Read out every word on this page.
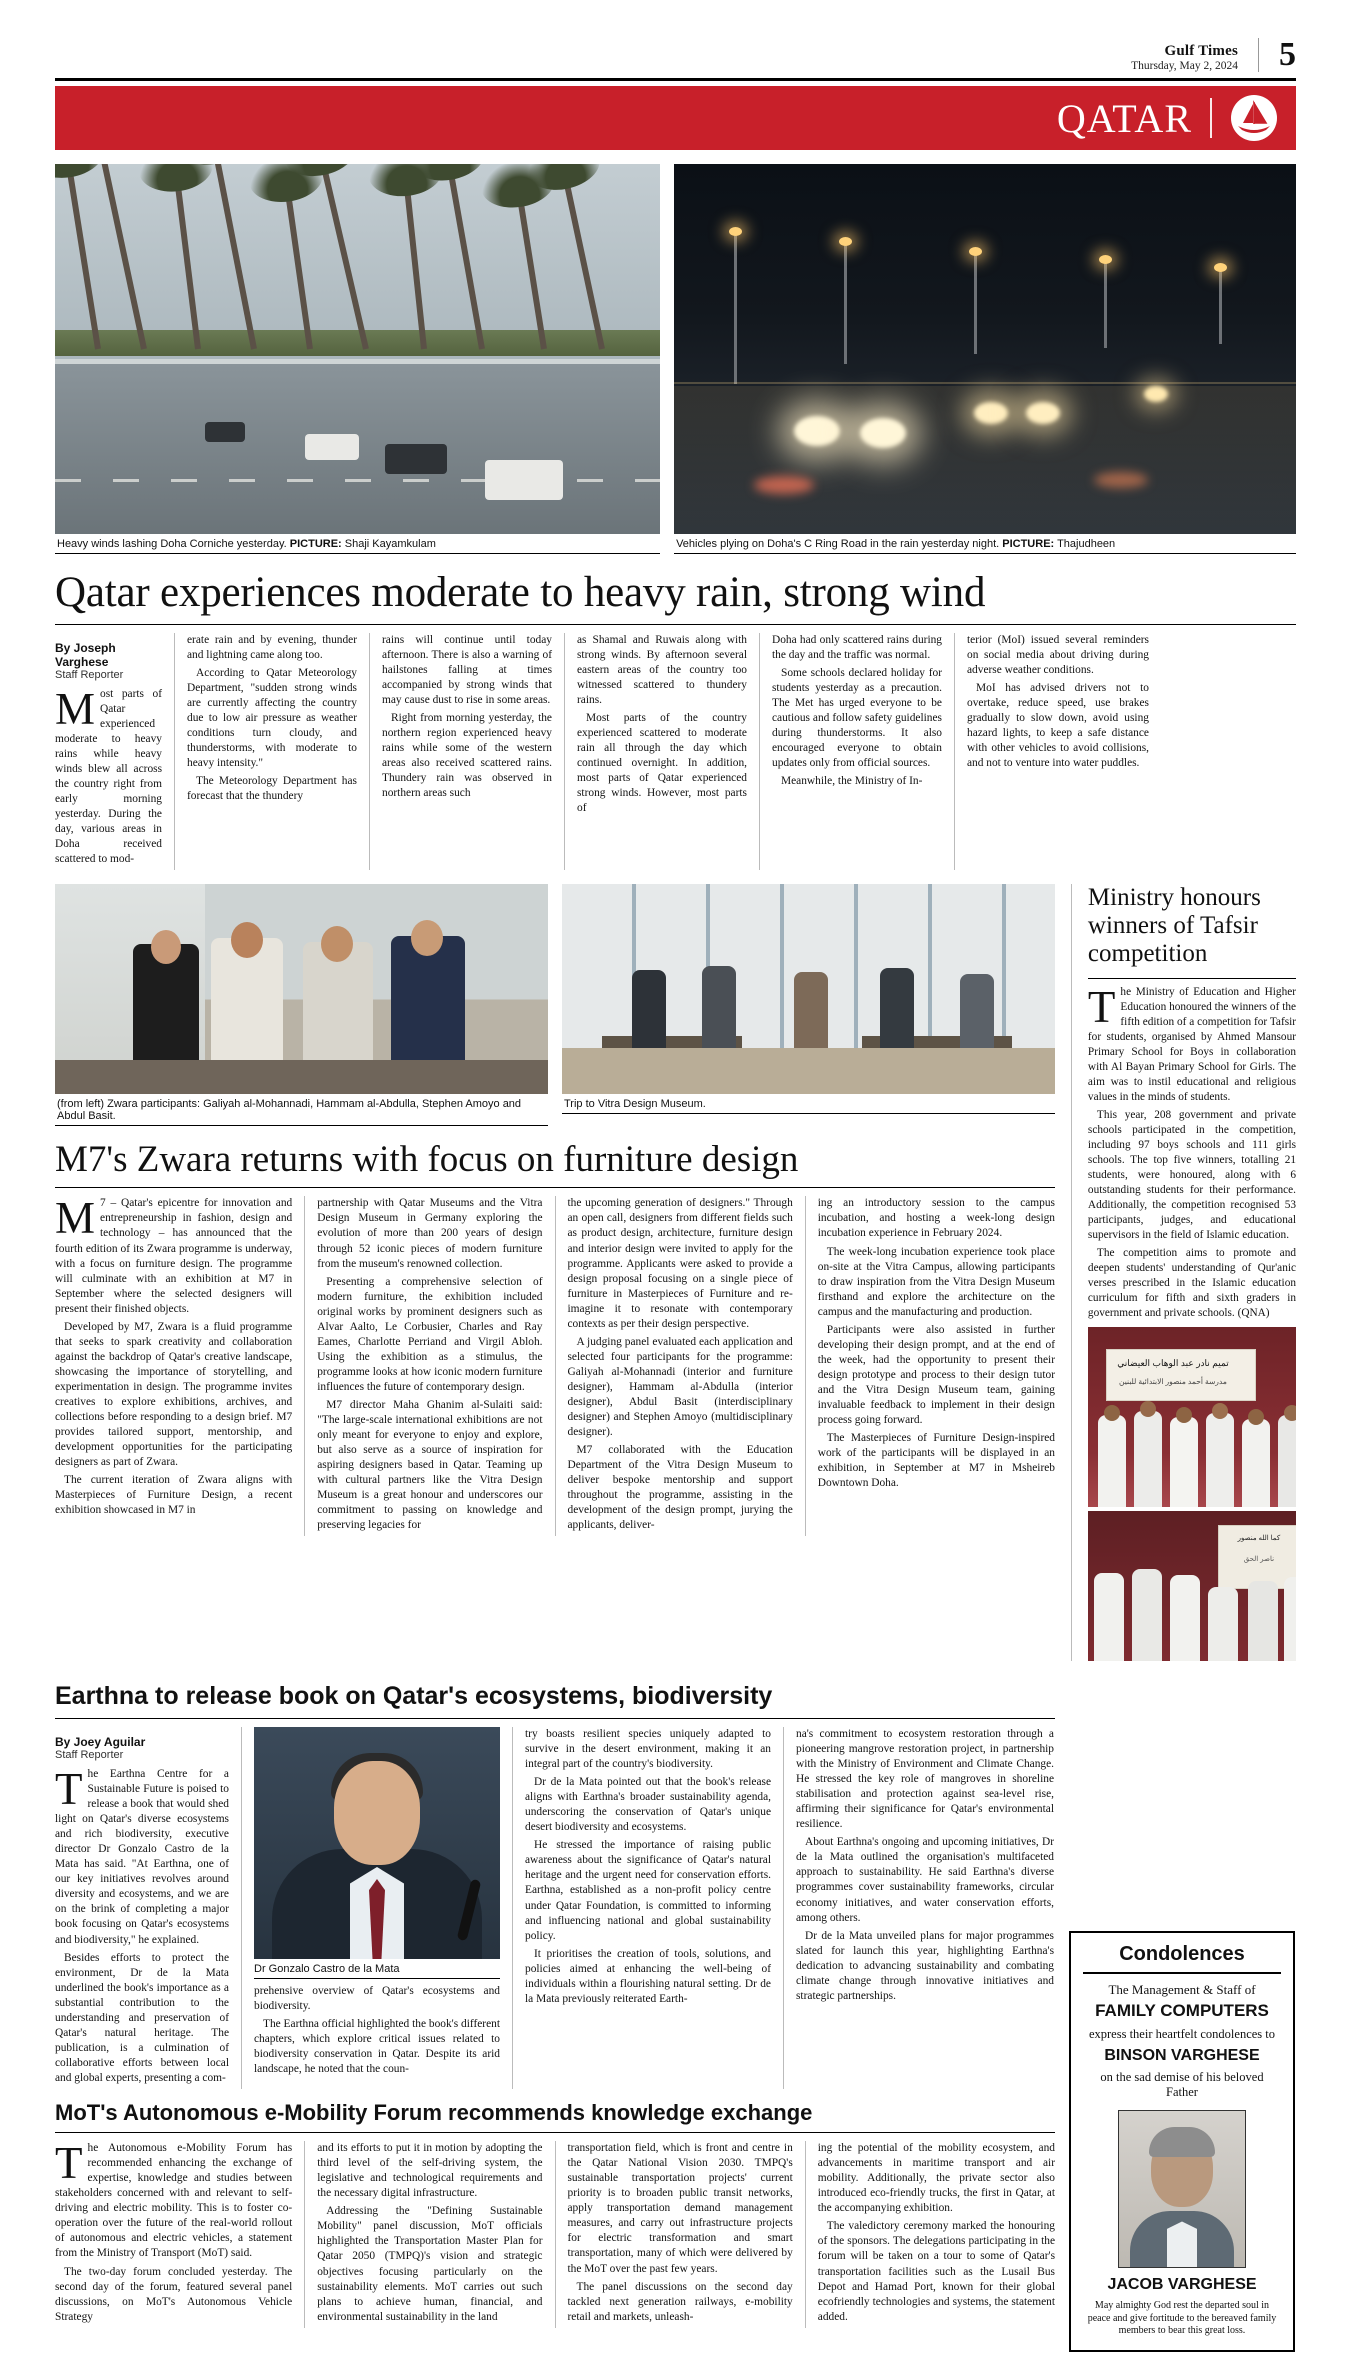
Gulf Times
Thursday, May 2, 2024 5
QATAR
Heavy winds lashing Doha Corniche yesterday. PICTURE: Shaji Kayamkulam	Vehicles plying on Doha's C Ring Road in the rain yesterday night. PICTURE: Thajudheen
Qatar experiences moderate to heavy rain, strong wind
By Joseph Varghese
Staff Reporter

Most parts of Qatar experienced moderate to heavy rains while heavy winds blew all across the country right from early morning yesterday. During the day, various areas in Doha received scattered to mod-

erate rain and by evening, thunder and lightning came along too.

According to Qatar Meteorology Department, "sudden strong winds are currently affecting the country due to low air pressure as weather conditions turn cloudy, and thunderstorms, with moderate to heavy intensity."

The Meteorology Department has forecast that the thundery

rains will continue until today afternoon. There is also a warning of hailstones falling at times accompanied by strong winds that may cause dust to rise in some areas.

Right from morning yesterday, the northern region experienced heavy rains while some of the western areas also received scattered rains. Thundery rain was observed in northern areas such

as Shamal and Ruwais along with strong winds. By afternoon several eastern areas of the country too witnessed scattered to thundery rains.

Most parts of the country experienced scattered to moderate rain all through the day which continued overnight. In addition, most parts of Qatar experienced strong winds. However, most parts of

Doha had only scattered rains during the day and the traffic was normal.

Some schools declared holiday for students yesterday as a precaution. The Met has urged everyone to be cautious and follow safety guidelines during thunderstorms. It also encouraged everyone to obtain updates only from official sources.

Meanwhile, the Ministry of In-

terior (MoI) issued several reminders on social media about driving during adverse weather conditions.

MoI has advised drivers not to overtake, reduce speed, use brakes gradually to slow down, avoid using hazard lights, to keep a safe distance with other vehicles to avoid collisions, and not to venture into water puddles.

(from left) Zwara participants: Galiyah al-Mohannadi, Hammam al-Abdulla, Stephen Amoyo and Abdul Basit.
Trip to Vitra Design Museum.
M7's Zwara returns with focus on furniture design

M7 – Qatar's epicentre for innovation and entrepreneurship in fashion, design and technology – has announced that the fourth edition of its Zwara programme is underway, with a focus on furniture design. The programme will culminate with an exhibition at M7 in September where the selected designers will present their finished objects.

Developed by M7, Zwara is a fluid programme that seeks to spark creativity and collaboration against the backdrop of Qatar's creative landscape, showcasing the importance of storytelling, and experimentation in design. The programme invites creatives to explore exhibitions, archives, and collections before responding to a design brief. M7 provides tailored support, mentorship, and development opportunities for the participating designers as part of Zwara.

The current iteration of Zwara aligns with Masterpieces of Furniture Design, a recent exhibition showcased in M7 in

partnership with Qatar Museums and the Vitra Design Museum in Germany exploring the evolution of more than 200 years of design through 52 iconic pieces of modern furniture from the museum's renowned collection.

Presenting a comprehensive selection of modern furniture, the exhibition included original works by prominent designers such as Alvar Aalto, Le Corbusier, Charles and Ray Eames, Charlotte Perriand and Virgil Abloh. Using the exhibition as a stimulus, the programme looks at how iconic modern furniture influences the future of contemporary design.

M7 director Maha Ghanim al-Sulaiti said: "The large-scale international exhibitions are not only meant for everyone to enjoy and explore, but also serve as a source of inspiration for aspiring designers based in Qatar. Teaming up with cultural partners like the Vitra Design Museum is a great honour and underscores our commitment to passing on knowledge and preserving legacies for

the upcoming generation of designers." Through an open call, designers from different fields such as product design, architecture, furniture design and interior design were invited to apply for the programme. Applicants were asked to provide a design proposal focusing on a single piece of furniture in Masterpieces of Furniture and re-imagine it to resonate with contemporary contexts as per their design perspective.

A judging panel evaluated each application and selected four participants for the programme: Galiyah al-Mohannadi (interior and furniture designer), Hammam al-Abdulla (interior designer), Abdul Basit (interdisciplinary designer) and Stephen Amoyo (multidisciplinary designer).

M7 collaborated with the Education Department of the Vitra Design Museum to deliver bespoke mentorship and support throughout the programme, assisting in the development of the design prompt, jurying the applicants, deliver-

ing an introductory session to the campus incubation, and hosting a week-long design incubation experience in February 2024.

The week-long incubation experience took place on-site at the Vitra Campus, allowing participants to draw inspiration from the Vitra Design Museum firsthand and explore the architecture on the campus and the manufacturing and production.

Participants were also assisted in further developing their design prompt, and at the end of the week, had the opportunity to present their design prototype and process to their design tutor and the Vitra Design Museum team, gaining invaluable feedback to implement in their design process going forward.

The Masterpieces of Furniture Design-inspired work of the participants will be displayed in an exhibition, in September at M7 in Msheireb Downtown Doha.

Ministry honours winners of Tafsir competition

The Ministry of Education and Higher Education honoured the winners of the fifth edition of a competition for Tafsir for students, organised by Ahmed Mansour Primary School for Boys in collaboration with Al Bayan Primary School for Girls. The aim was to instil educational and religious values in the minds of students.

This year, 208 government and private schools participated in the competition, including 97 boys schools and 111 girls schools. The top five winners, totalling 21 students, were honoured, along with 6 outstanding students for their performance. Additionally, the competition recognised 53 participants, judges, and educational supervisors in the field of Islamic education.

The competition aims to promote and deepen students' understanding of Qur'anic verses prescribed in the Islamic education curriculum for fifth and sixth graders in government and private schools. (QNA)

تميم نادر عبد الوهاب العيضاني
مدرسة أحمد منصور الابتدائية للبنين
كما الله منصور
ناصر الحق
Earthna to release book on Qatar's ecosystems, biodiversity
By Joey Aguilar
Staff Reporter

The Earthna Centre for a Sustainable Future is poised to release a book that would shed light on Qatar's diverse ecosystems and rich biodiversity, executive director Dr Gonzalo Castro de la Mata has said. "At Earthna, one of our key initiatives revolves around diversity and ecosystems, and we are on the brink of completing a major book focusing on Qatar's ecosystems and biodiversity," he explained.

Besides efforts to protect the environment, Dr de la Mata underlined the book's importance as a substantial contribution to the understanding and preservation of Qatar's natural heritage. The publication, is a culmination of collaborative efforts between local and global experts, presenting a com-

Dr Gonzalo Castro de la Mata

prehensive overview of Qatar's ecosystems and biodiversity.

The Earthna official highlighted the book's different chapters, which explore critical issues related to biodiversity conservation in Qatar. Despite its arid landscape, he noted that the coun-

try boasts resilient species uniquely adapted to survive in the desert environment, making it an integral part of the country's biodiversity.

Dr de la Mata pointed out that the book's release aligns with Earthna's broader sustainability agenda, underscoring the conservation of Qatar's unique desert biodiversity and ecosystems.

He stressed the importance of raising public awareness about the significance of Qatar's natural heritage and the urgent need for conservation efforts. Earthna, established as a non-profit policy centre under Qatar Foundation, is committed to informing and influencing national and global sustainability policy.

It prioritises the creation of tools, solutions, and policies aimed at enhancing the well-being of individuals within a flourishing natural setting. Dr de la Mata previously reiterated Earth-

na's commitment to ecosystem restoration through a pioneering mangrove restoration project, in partnership with the Ministry of Environment and Climate Change. He stressed the key role of mangroves in shoreline stabilisation and protection against sea-level rise, affirming their significance for Qatar's environmental resilience.

About Earthna's ongoing and upcoming initiatives, Dr de la Mata outlined the organisation's multifaceted approach to sustainability. He said Earthna's diverse programmes cover sustainability frameworks, circular economy initiatives, and water conservation efforts, among others.

Dr de la Mata unveiled plans for major programmes slated for launch this year, highlighting Earthna's dedication to advancing sustainability and combating climate change through innovative initiatives and strategic partnerships.

MoT's Autonomous e-Mobility Forum recommends knowledge exchange

The Autonomous e-Mobility Forum has recommended enhancing the exchange of expertise, knowledge and studies between stakeholders concerned with and relevant to self-driving and electric mobility. This is to foster co-operation over the future of the real-world rollout of autonomous and electric vehicles, a statement from the Ministry of Transport (MoT) said.

The two-day forum concluded yesterday. The second day of the forum, featured several panel discussions, on MoT's Autonomous Vehicle Strategy

and its efforts to put it in motion by adopting the third level of the self-driving system, the legislative and technological requirements and the necessary digital infrastructure.

Addressing the "Defining Sustainable Mobility" panel discussion, MoT officials highlighted the Transportation Master Plan for Qatar 2050 (TMPQ)'s vision and strategic objectives focusing particularly on the sustainability elements. MoT carries out such plans to achieve human, financial, and environmental sustainability in the land

transportation field, which is front and centre in the Qatar National Vision 2030. TMPQ's sustainable transportation projects' current priority is to broaden public transit networks, apply transportation demand management measures, and carry out infrastructure projects for electric transformation and smart transportation, many of which were delivered by the MoT over the past few years.

The panel discussions on the second day tackled next generation railways, e-mobility retail and markets, unleash-

ing the potential of the mobility ecosystem, and advancements in maritime transport and air mobility. Additionally, the private sector also introduced eco-friendly trucks, the first in Qatar, at the accompanying exhibition.

The valedictory ceremony marked the honouring of the sponsors. The delegations participating in the forum will be taken on a tour to some of Qatar's transportation facilities such as the Lusail Bus Depot and Hamad Port, known for their global ecofriendly technologies and systems, the statement added.

Condolences
The Management & Staff of
FAMILY COMPUTERS
express their heartfelt condolences to
BINSON VARGHESE
on the sad demise of his beloved Father
JACOB VARGHESE
May almighty God rest the departed soul in peace and give fortitude to the bereaved family members to bear this great loss.
